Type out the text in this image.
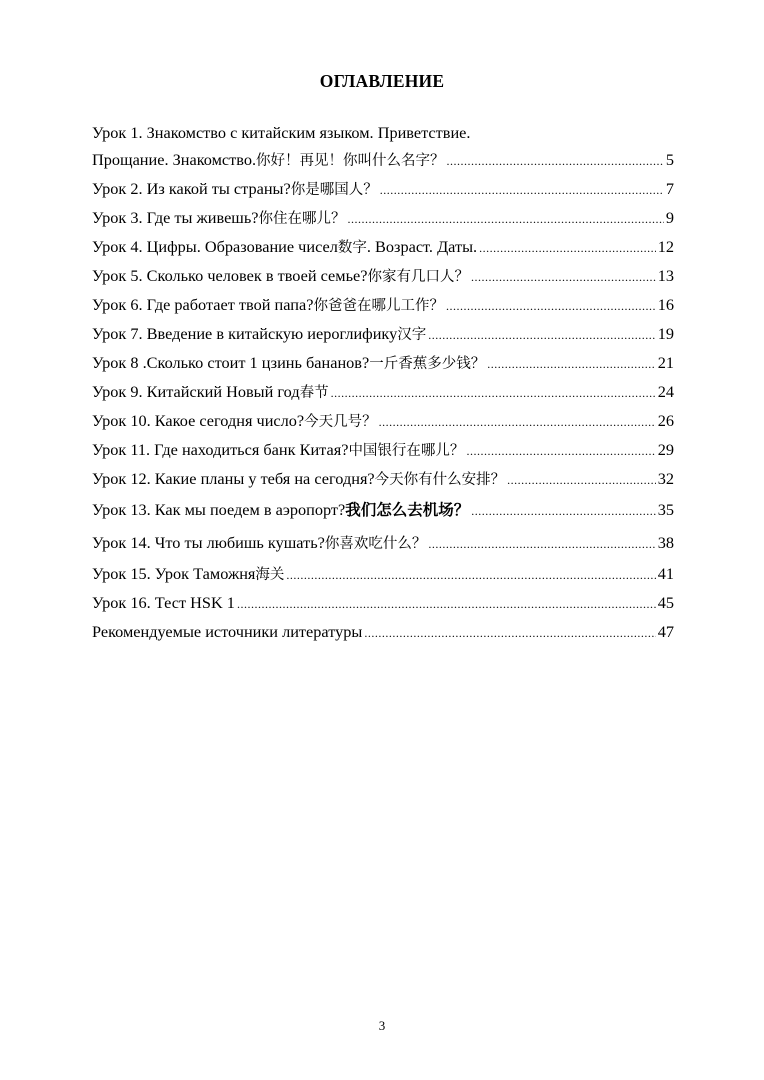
ОГЛАВЛЕНИЕ
Урок 1. Знакомство с китайским языком. Приветствие.
Прощание. Знакомство. 你好！再见！你叫什么名字？ .....	5
Урок 2. Из какой ты страны? 你是哪国人？ .....	7
Урок 3. Где ты живешь? 你住在哪儿？ .....	9
Урок 4. Цифры. Образование чисел 数字 . Возраст. Даты. .....	12
Урок 5. Сколько человек в твоей семье? 你家有几口人？ .....	13
Урок 6. Где работает твой папа? 你爸爸在哪儿工作？ .....	16
Урок 7. Введение в китайскую иероглифику 汉字 .....	19
Урок 8 .Сколько стоит 1 цзинь бананов? 一斤香蕉多少钱？ .....	21
Урок 9. Китайский Новый год 春节 .....	24
Урок 10. Какое сегодня число? 今天几号？ .....	26
Урок 11. Где находиться банк Китая? 中国银行在哪儿？ .....	29
Урок 12. Какие планы у тебя на сегодня? 今天你有什么安排？ .....	32
Урок 13. Как мы поедем в аэропорт? 我们怎么去机场？ .....	35
Урок 14. Что ты любишь кушать? 你喜欢吃什么？ .....	38
Урок 15. Урок Таможня 海关 .....	41
Урок 16. Тест HSK 1 .....	45
Рекомендуемые источники литературы .....	47
3
